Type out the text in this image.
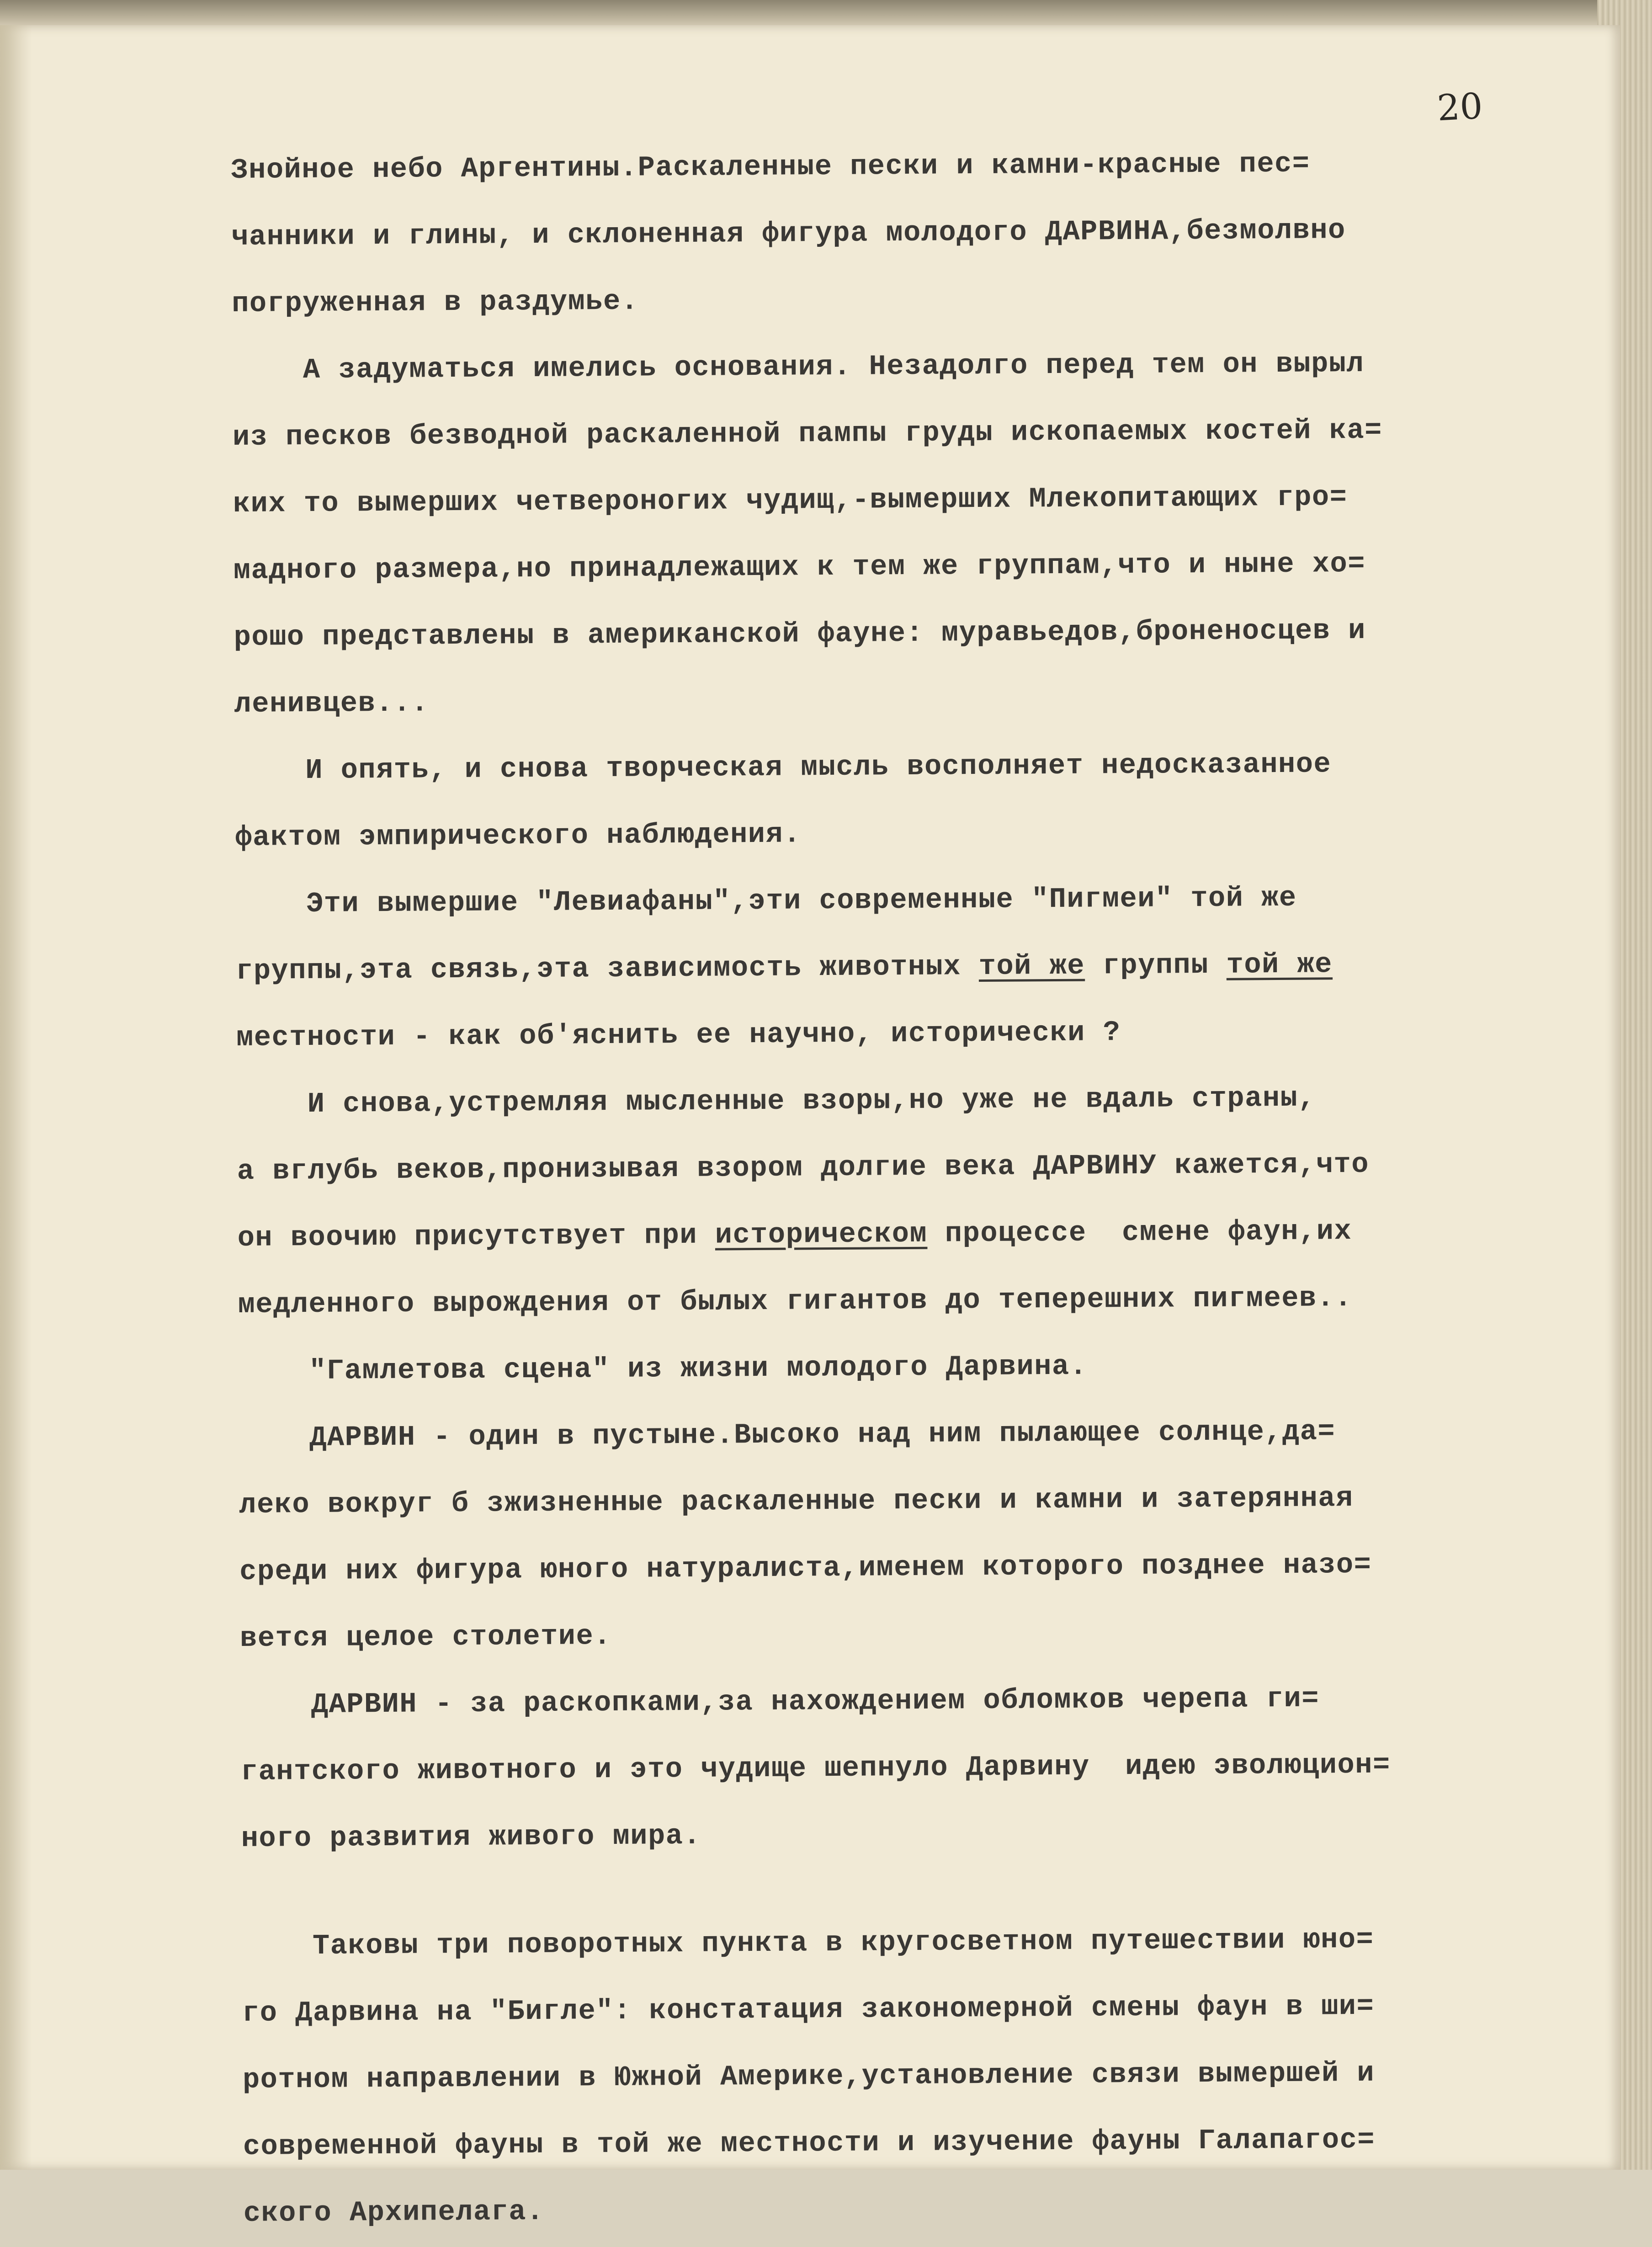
20
Знойное небо Аргентины.Раскаленные пески и камни-красные пес=
чанники и глины, и склоненная фигура молодого ДАРВИНА,безмолвно
погруженная в раздумье.
А задуматься имелись основания. Незадолго перед тем он вырыл
из песков безводной раскаленной пампы груды ископаемых костей ка=
ких то вымерших четвероногих чудищ,-вымерших Млекопитающих гро=
мадного размера,но принадлежащих к тем же группам,что и ныне хо=
рошо представлены в американской фауне: муравьедов,броненосцев и
ленивцев...
И опять, и снова творческая мысль восполняет недосказанное
фактом эмпирического наблюдения.
Эти вымершие "Левиафаны",эти современные "Пигмеи" той же
группы,эта связь,эта зависимость животных той же группы той же
местности - как об'яснить ее научно, исторически ?
И снова,устремляя мысленные взоры,но уже не вдаль страны,
а вглубь веков,пронизывая взором долгие века ДАРВИНУ кажется,что
он воочию присутствует при историческом процессе  смене фаун,их
медленного вырождения от былых гигантов до теперешних пигмеев..
"Гамлетова сцена" из жизни молодого Дарвина.
ДАРВИН - один в пустыне.Высоко над ним пылающее солнце,да=
леко вокруг б зжизненные раскаленные пески и камни и затерянная
среди них фигура юного натуралиста,именем которого позднее назо=
вется целое столетие.
ДАРВИН - за раскопками,за нахождением обломков черепа ги=
гантского животного и это чудище шепнуло Дарвину  идею эволюцион=
ного развития живого мира.
Таковы три поворотных пункта в кругосветном путешествии юно=
го Дарвина на "Бигле": констатация закономерной смены фаун в ши=
ротном направлении в Южной Америке,установление связи вымершей и
современной фауны в той же местности и изучение фауны Галапагос=
ского Архипелага.
